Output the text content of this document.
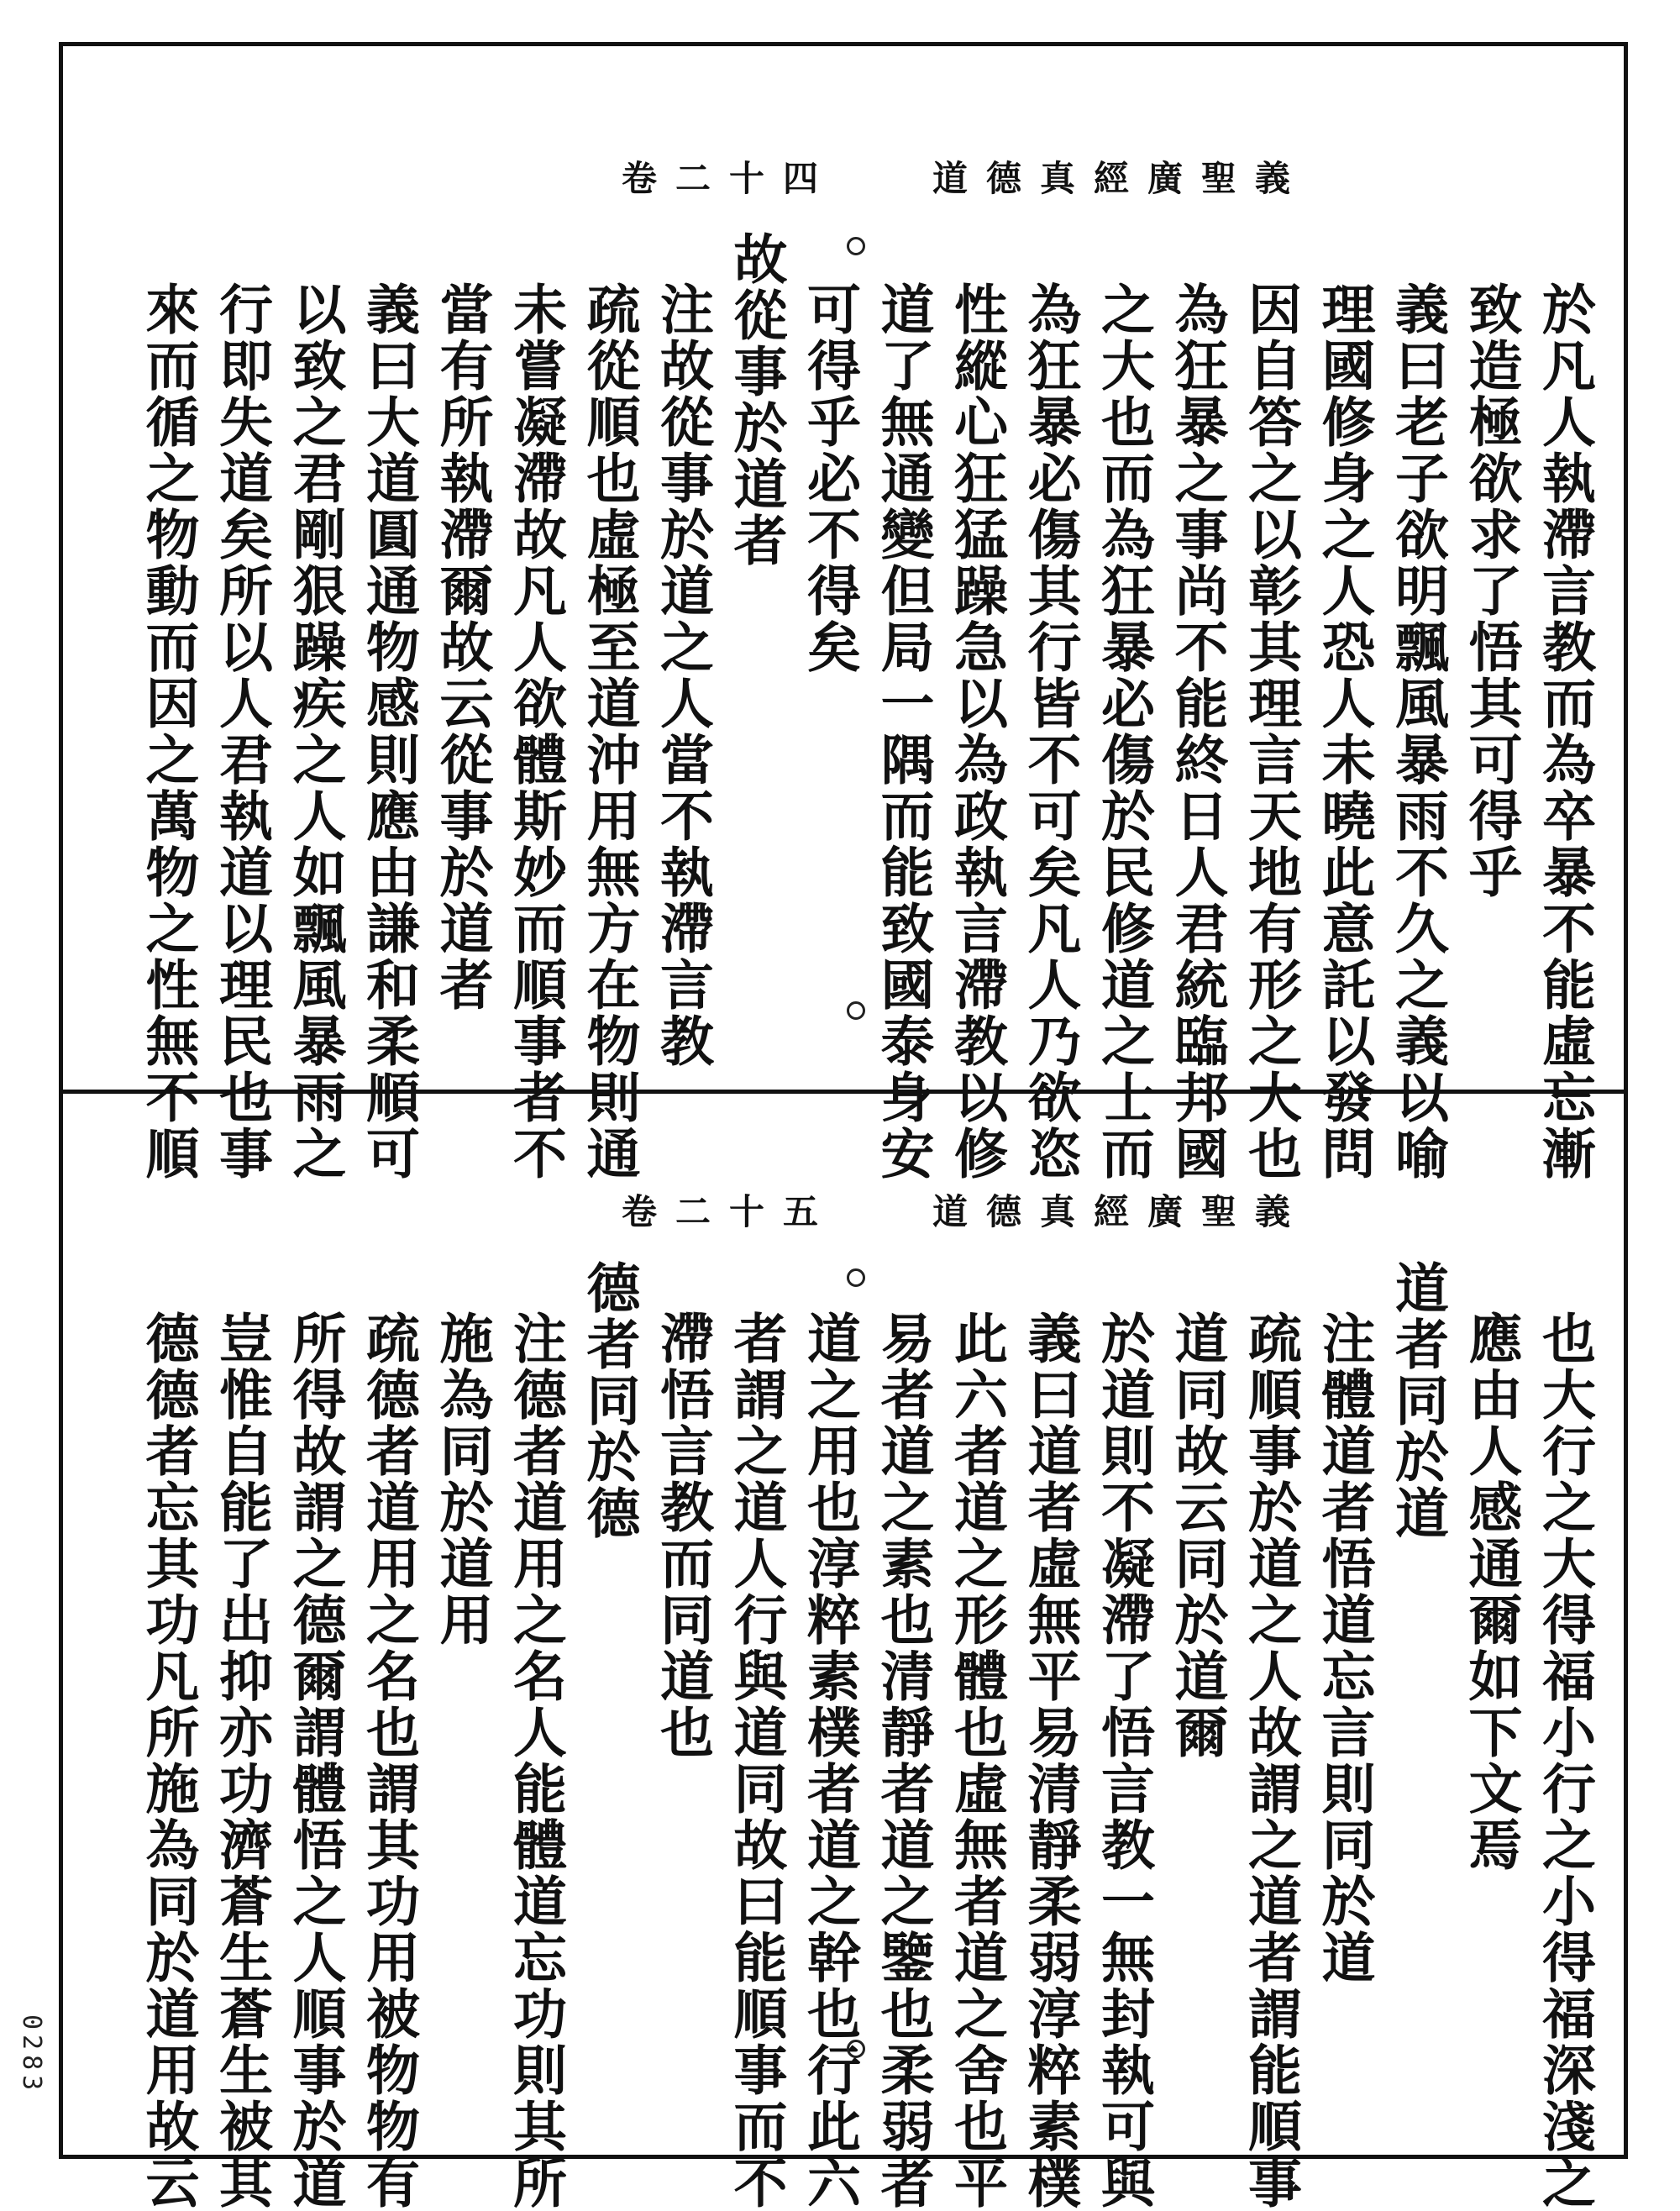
道德真經廣聖義
卷二十四
道德真經廣聖義
卷二十五
於凡人執滯言教而為卒暴不能虛忘漸
致造極欲求了悟其可得乎
義曰老子欲明飄風暴雨不久之義以喻
理國修身之人恐人未曉此意託以發問
因自答之以彰其理言天地有形之大也
為狂暴之事尚不能終日人君統臨邦國
之大也而為狂暴必傷於民修道之士而
為狂暴必傷其行皆不可矣凡人乃欲恣
性縱心狂猛躁急以為政執言滯教以修
道了無通變但局一隅而能致國泰身安
可得乎必不得矣
故從事於道者
注故從事於道之人當不執滯言教
疏從順也虛極至道沖用無方在物則通
未嘗凝滯故凡人欲體斯妙而順事者不
當有所執滯爾故云從事於道者
義曰大道圓通物感則應由謙和柔順可
以致之君剛狠躁疾之人如飄風暴雨之
行即失道矣所以人君執道以理民也事
來而循之物動而因之萬物之性無不順
也大行之大得福小行之小得福深淺之
應由人感通爾如下文焉
道者同於道
注體道者悟道忘言則同於道
疏順事於道之人故謂之道者謂能順事
道同故云同於道爾
於道則不凝滯了悟言教一無封執可與
義曰道者虛無平易清靜柔弱淳粹素樸
此六者道之形體也虛無者道之舍也平
易者道之素也清靜者道之鑒也柔弱者
道之用也淳粹素樸者道之幹也行此六
者謂之道人行與道同故曰能順事而不
滯悟言教而同道也
德者同於德
注德者道用之名人能體道忘功則其所
施為同於道用
疏德者道用之名也謂其功用被物物有
所得故謂之德爾謂體悟之人順事於道
豈惟自能了出抑亦功濟蒼生蒼生被其
德德者忘其功凡所施為同於道用故云
0283
